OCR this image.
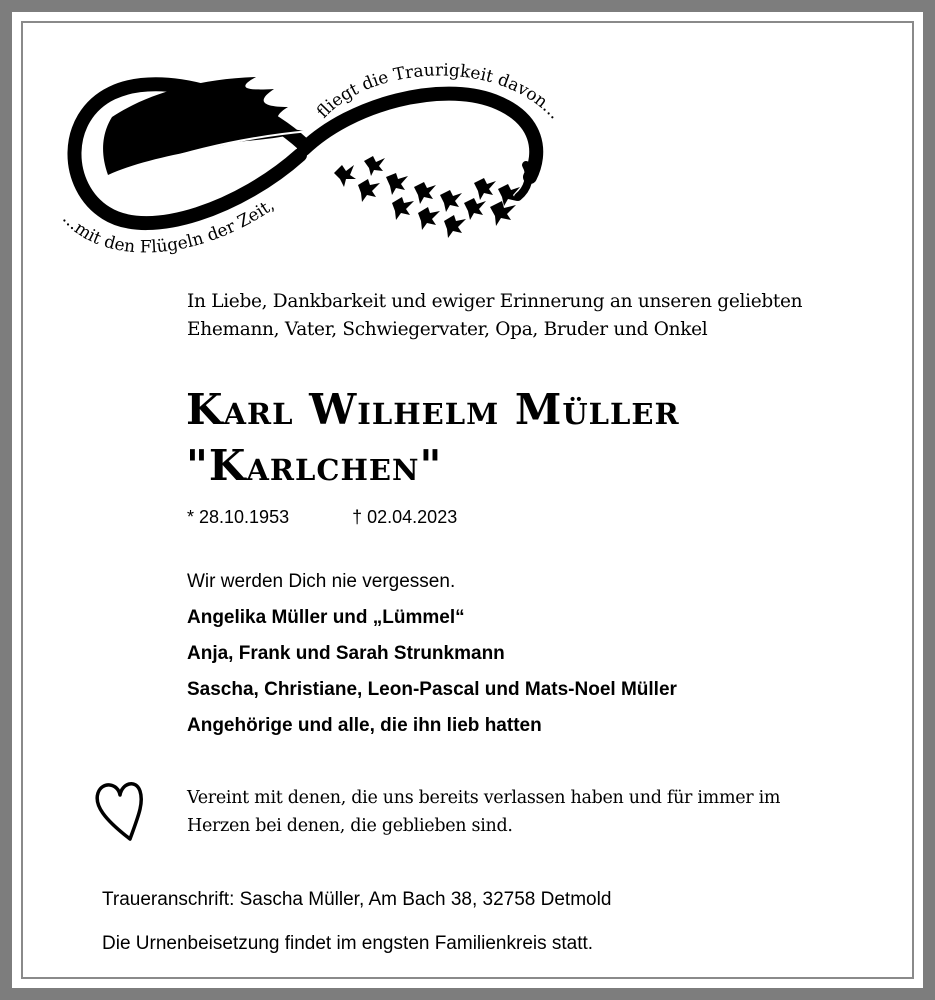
fliegt die Traurigkeit davon...
...mit den Flügeln der Zeit,
In Liebe, Dankbarkeit und ewiger Erinnerung an unseren geliebten
Ehemann, Vater, Schwiegervater, Opa, Bruder und Onkel
Karl Wilhelm Müller
"Karlchen"
* 28.10.1953	† 02.04.2023
Wir werden Dich nie vergessen.
Angelika Müller und „Lümmel“
Anja, Frank und Sarah Strunkmann
Sascha, Christiane, Leon-Pascal und Mats-Noel Müller
Angehörige und alle, die ihn lieb hatten
Vereint mit denen, die uns bereits verlassen haben und für immer im
Herzen bei denen, die geblieben sind.
Traueranschrift: Sascha Müller, Am Bach 38, 32758 Detmold
Die Urnenbeisetzung findet im engsten Familienkreis statt.
